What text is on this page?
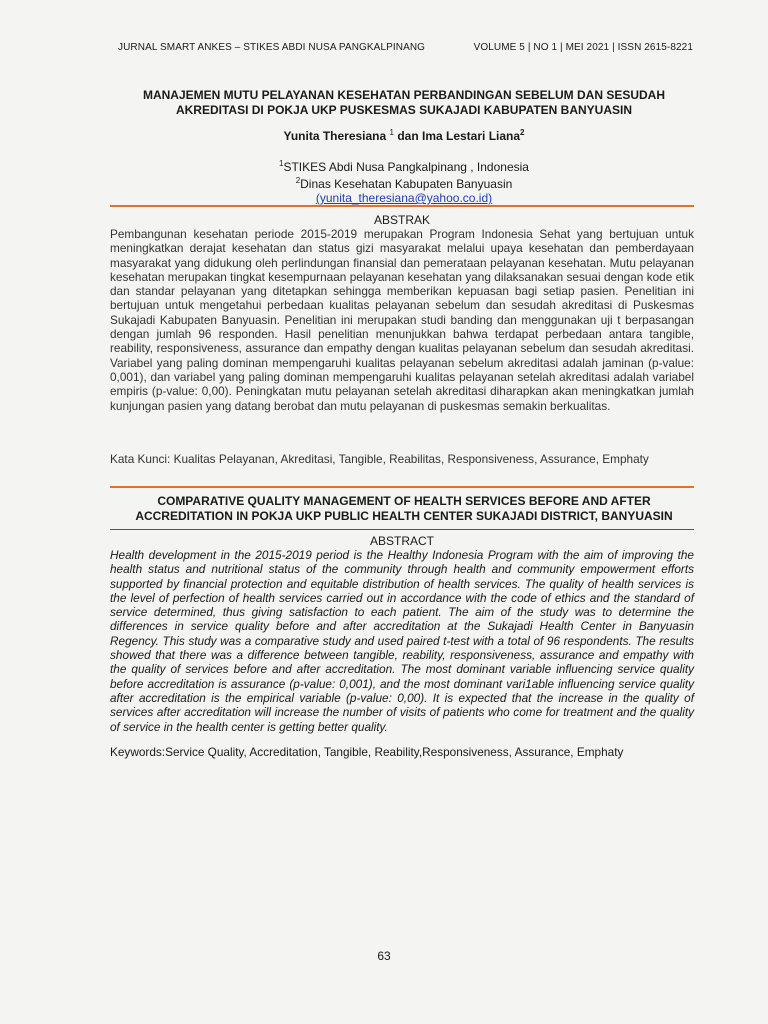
JURNAL SMART ANKES – STIKES ABDI NUSA PANGKALPINANG	VOLUME 5 | NO 1 | MEI 2021 | ISSN 2615-8221
MANAJEMEN MUTU PELAYANAN KESEHATAN PERBANDINGAN SEBELUM DAN SESUDAH
AKREDITASI DI POKJA UKP PUSKESMAS SUKAJADI KABUPATEN BANYUASIN
Yunita Theresiana $^1$ dan Ima Lestari Liana$^2$
$^1$STIKES Abdi Nusa Pangkalpinang , Indonesia
$^2$Dinas Kesehatan Kabupaten Banyuasin
(yunita_theresiana@yahoo.co.id)
ABSTRAK
Pembangunan kesehatan periode 2015-2019 merupakan Program Indonesia Sehat yang bertujuan untuk meningkatkan derajat kesehatan dan status gizi masyarakat melalui upaya kesehatan dan pemberdayaan masyarakat yang didukung oleh perlindungan finansial dan pemerataan pelayanan kesehatan. Mutu pelayanan kesehatan merupakan tingkat kesempurnaan pelayanan kesehatan yang dilaksanakan sesuai dengan kode etik dan standar pelayanan yang ditetapkan sehingga memberikan kepuasan bagi setiap pasien. Penelitian ini bertujuan untuk mengetahui perbedaan kualitas pelayanan sebelum dan sesudah akreditasi di Puskesmas Sukajadi Kabupaten Banyuasin. Penelitian ini merupakan studi banding dan menggunakan uji t berpasangan dengan jumlah 96 responden. Hasil penelitian menunjukkan bahwa terdapat perbedaan antara tangible, reability, responsiveness, assurance dan empathy dengan kualitas pelayanan sebelum dan sesudah akreditasi. Variabel yang paling dominan mempengaruhi kualitas pelayanan sebelum akreditasi adalah jaminan (p-value: 0,001), dan variabel yang paling dominan mempengaruhi kualitas pelayanan setelah akreditasi adalah variabel empiris (p-value: 0,00). Peningkatan mutu pelayanan setelah akreditasi diharapkan akan meningkatkan jumlah kunjungan pasien yang datang berobat dan mutu pelayanan di puskesmas semakin berkualitas.
Kata Kunci: Kualitas Pelayanan, Akreditasi, Tangible, Reabilitas, Responsiveness, Assurance, Emphaty
COMPARATIVE QUALITY MANAGEMENT OF HEALTH SERVICES BEFORE AND AFTER
ACCREDITATION IN POKJA UKP PUBLIC HEALTH CENTER SUKAJADI DISTRICT, BANYUASIN
ABSTRACT
Health development in the 2015-2019 period is the Healthy Indonesia Program with the aim of improving the health status and nutritional status of the community through health and community empowerment efforts supported by financial protection and equitable distribution of health services. The quality of health services is the level of perfection of health services carried out in accordance with the code of ethics and the standard of service determined, thus giving satisfaction to each patient. The aim of the study was to determine the differences in service quality before and after accreditation at the Sukajadi Health Center in Banyuasin Regency. This study was a comparative study and used paired t-test with a total of 96 respondents. The results showed that there was a difference between tangible, reability, responsiveness, assurance and empathy with the quality of services before and after accreditation. The most dominant variable influencing service quality before accreditation is assurance (p-value: 0,001), and the most dominant vari1able influencing service quality after accreditation is the empirical variable (p-value: 0,00). It is expected that the increase in the quality of services after accreditation will increase the number of visits of patients who come for treatment and the quality of service in the health center is getting better quality.
Keywords:Service Quality, Accreditation, Tangible, Reability,Responsiveness, Assurance, Emphaty
63
